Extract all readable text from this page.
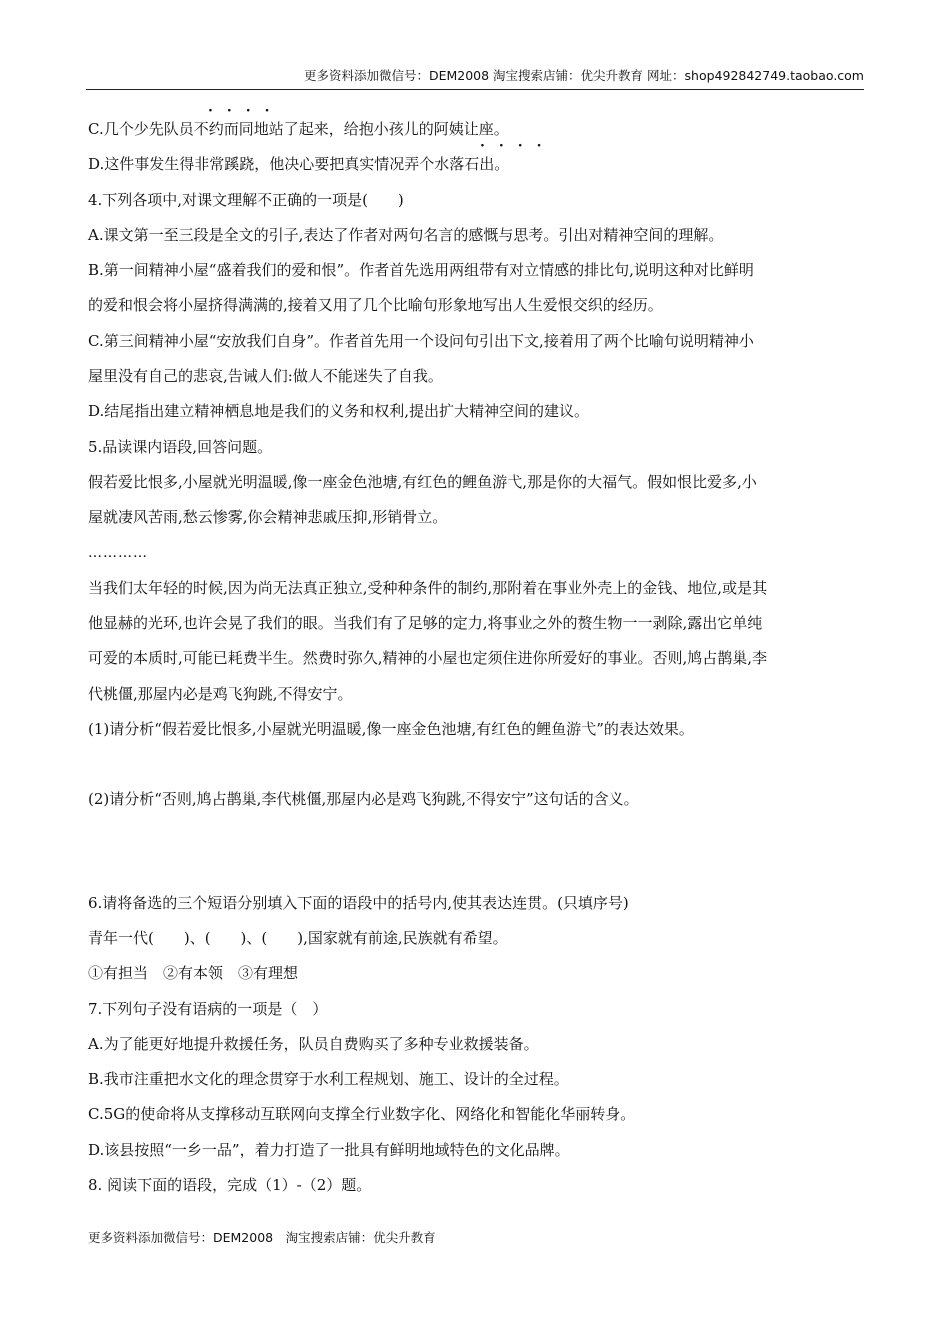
更多资料添加微信号：DEM2008 淘宝搜索店铺：优尖升教育 网址：shop492842749.taobao.com
·　·　·　·
C.几个少先队员不约而同地站了起来，给抱小孩儿的阿姨让座。
·　·　·　·
D.这件事发生得非常蹊跷，他决心要把真实情况弄个水落石出。
4.下列各项中,对课文理解不正确的一项是(　　)
A.课文第一至三段是全文的引子,表达了作者对两句名言的感慨与思考。引出对精神空间的理解。
B.第一间精神小屋“盛着我们的爱和恨”。作者首先选用两组带有对立情感的排比句,说明这种对比鲜明
的爱和恨会将小屋挤得满满的,接着又用了几个比喻句形象地写出人生爱恨交织的经历。
C.第三间精神小屋“安放我们自身”。作者首先用一个设问句引出下文,接着用了两个比喻句说明精神小
屋里没有自己的悲哀,告诫人们:做人不能迷失了自我。
D.结尾指出建立精神栖息地是我们的义务和权利,提出扩大精神空间的建议。
5.品读课内语段,回答问题。
假若爱比恨多,小屋就光明温暖,像一座金色池塘,有红色的鲤鱼游弋,那是你的大福气。假如恨比爱多,小
屋就凄风苦雨,愁云惨雾,你会精神悲戚压抑,形销骨立。
…………
当我们太年轻的时候,因为尚无法真正独立,受种种条件的制约,那附着在事业外壳上的金钱、地位,或是其
他显赫的光环,也许会晃了我们的眼。当我们有了足够的定力,将事业之外的赘生物一一剥除,露出它单纯
可爱的本质时,可能已耗费半生。然费时弥久,精神的小屋也定须住进你所爱好的事业。否则,鸠占鹊巢,李
代桃僵,那屋内必是鸡飞狗跳,不得安宁。
(1)请分析“假若爱比恨多,小屋就光明温暖,像一座金色池塘,有红色的鲤鱼游弋”的表达效果。
(2)请分析“否则,鸠占鹊巢,李代桃僵,那屋内必是鸡飞狗跳,不得安宁”这句话的含义。
6.请将备选的三个短语分别填入下面的语段中的括号内,使其表达连贯。(只填序号)
青年一代(　　)、(　　)、(　　),国家就有前途,民族就有希望。
①有担当　②有本领　③有理想
7.下列句子没有语病的一项是（　）
A.为了能更好地提升救援任务，队员自费购买了多种专业救援装备。
B.我市注重把水文化的理念贯穿于水利工程规划、施工、设计的全过程。
C.5G的使命将从支撑移动互联网向支撑全行业数字化、网络化和智能化华丽转身。
D.该县按照“一乡一品”，着力打造了一批具有鲜明地域特色的文化品牌。
8. 阅读下面的语段，完成（1）-（2）题。
更多资料添加微信号：DEM2008　淘宝搜索店铺：优尖升教育
